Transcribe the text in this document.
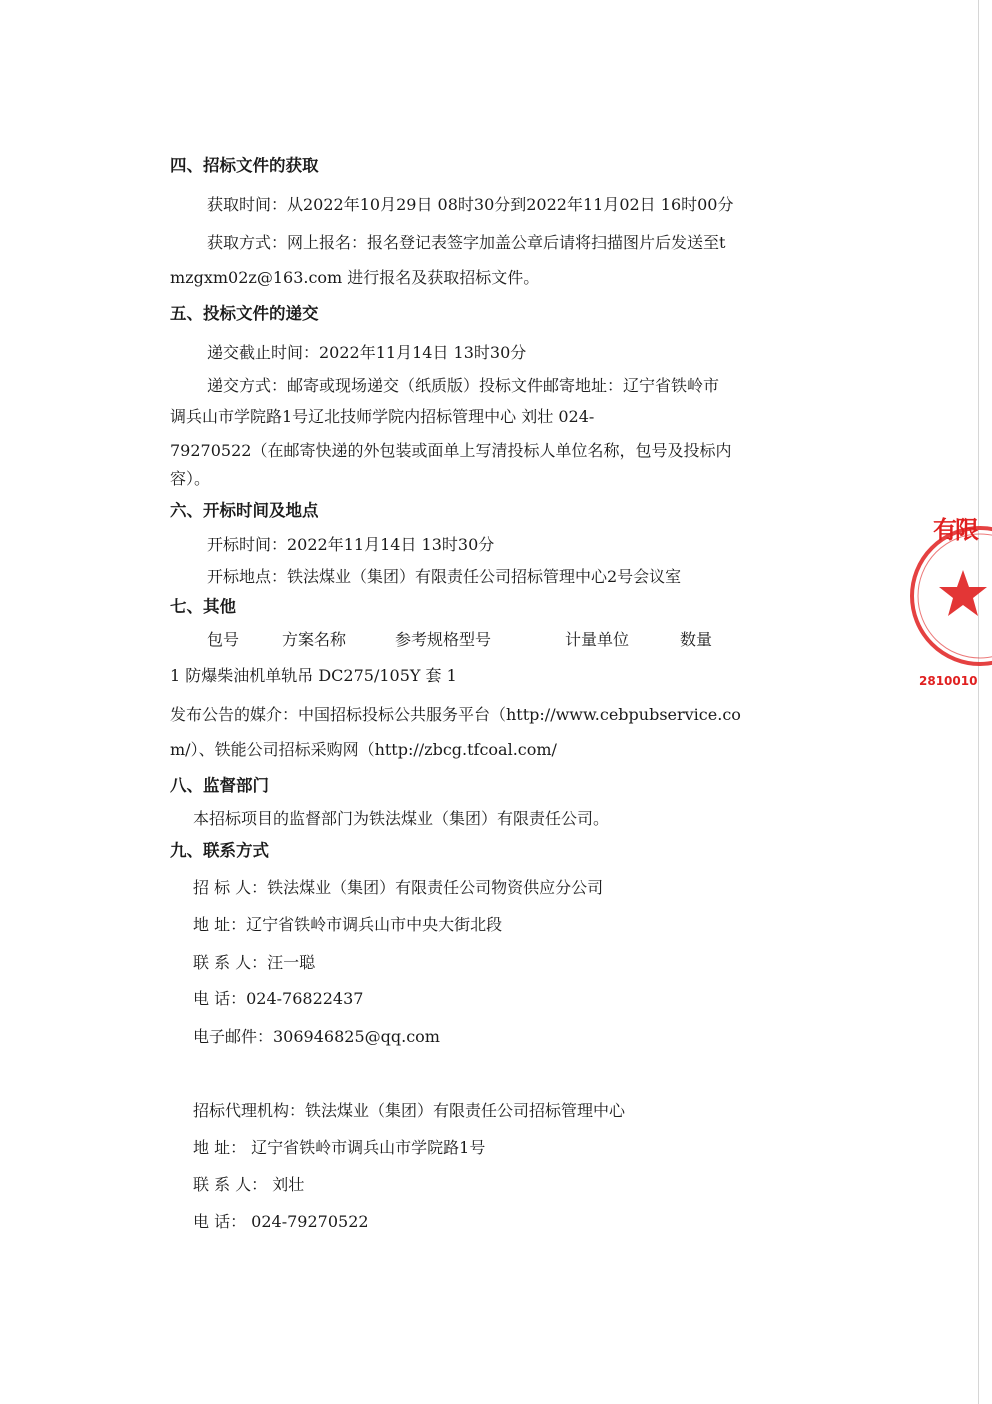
四、招标文件的获取
获取时间：从2022年10月29日 08时30分到2022年11月02日 16时00分
获取方式：网上报名：报名登记表签字加盖公章后请将扫描图片后发送至t
mzgxm02z@163.com 进行报名及获取招标文件。
五、投标文件的递交
递交截止时间：2022年11月14日 13时30分
递交方式：邮寄或现场递交（纸质版）投标文件邮寄地址：辽宁省铁岭市
调兵山市学院路1号辽北技师学院内招标管理中心 刘壮 024-
79270522（在邮寄快递的外包装或面单上写清投标人单位名称，包号及投标内
容）。
六、开标时间及地点
开标时间：2022年11月14日 13时30分
开标地点：铁法煤业（集团）有限责任公司招标管理中心2号会议室
七、其他
包号	方案名称	参考规格型号	计量单位	数量
1 防爆柴油机单轨吊 DC275/105Y 套 1
发布公告的媒介：中国招标投标公共服务平台（http://www.cebpubservice.co
m/）、铁能公司招标采购网（http://zbcg.tfcoal.com/
八、监督部门
本招标项目的监督部门为铁法煤业（集团）有限责任公司。
九、联系方式
招 标 人：铁法煤业（集团）有限责任公司物资供应分公司
地 址：辽宁省铁岭市调兵山市中央大街北段
联 系 人：汪一聪
电 话：024-76822437
电子邮件：306946825@qq.com
招标代理机构：铁法煤业（集团）有限责任公司招标管理中心
地 址： 辽宁省铁岭市调兵山市学院路1号
联 系 人： 刘壮
电 话： 024-79270522
有限
2810010
